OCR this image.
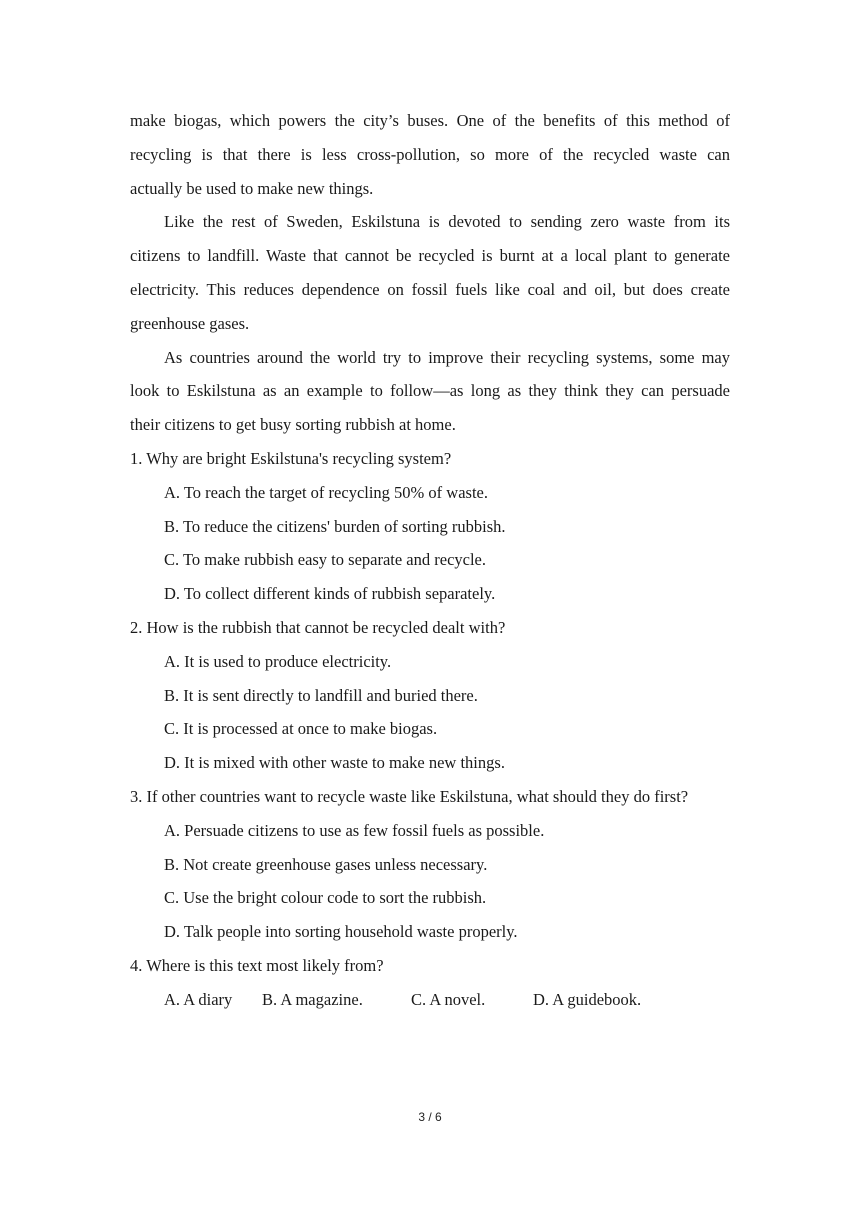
make biogas, which powers the city’s buses. One of the benefits of this method of
recycling is that there is less cross-pollution, so more of the recycled waste can
actually be used to make new things.
Like the rest of Sweden, Eskilstuna is devoted to sending zero waste from its
citizens to landfill. Waste that cannot be recycled is burnt at a local plant to generate
electricity. This reduces dependence on fossil fuels like coal and oil, but does create
greenhouse gases.
As countries around the world try to improve their recycling systems, some may
look to Eskilstuna as an example to follow—as long as they think they can persuade
their citizens to get busy sorting rubbish at home.
1. Why are bright Eskilstuna's recycling system?
A. To reach the target of recycling 50% of waste.
B. To reduce the citizens' burden of sorting rubbish.
C. To make rubbish easy to separate and recycle.
D. To collect different kinds of rubbish separately.
2. How is the rubbish that cannot be recycled dealt with?
A. It is used to produce electricity.
B. It is sent directly to landfill and buried there.
C. It is processed at once to make biogas.
D. It is mixed with other waste to make new things.
3. If other countries want to recycle waste like Eskilstuna, what should they do first?
A. Persuade citizens to use as few fossil fuels as possible.
B. Not create greenhouse gases unless necessary.
C. Use the bright colour code to sort the rubbish.
D. Talk people into sorting household waste properly.
4. Where is this text most likely from?
A. A diary	B. A magazine.	C. A novel.	D. A guidebook.
3 / 6
